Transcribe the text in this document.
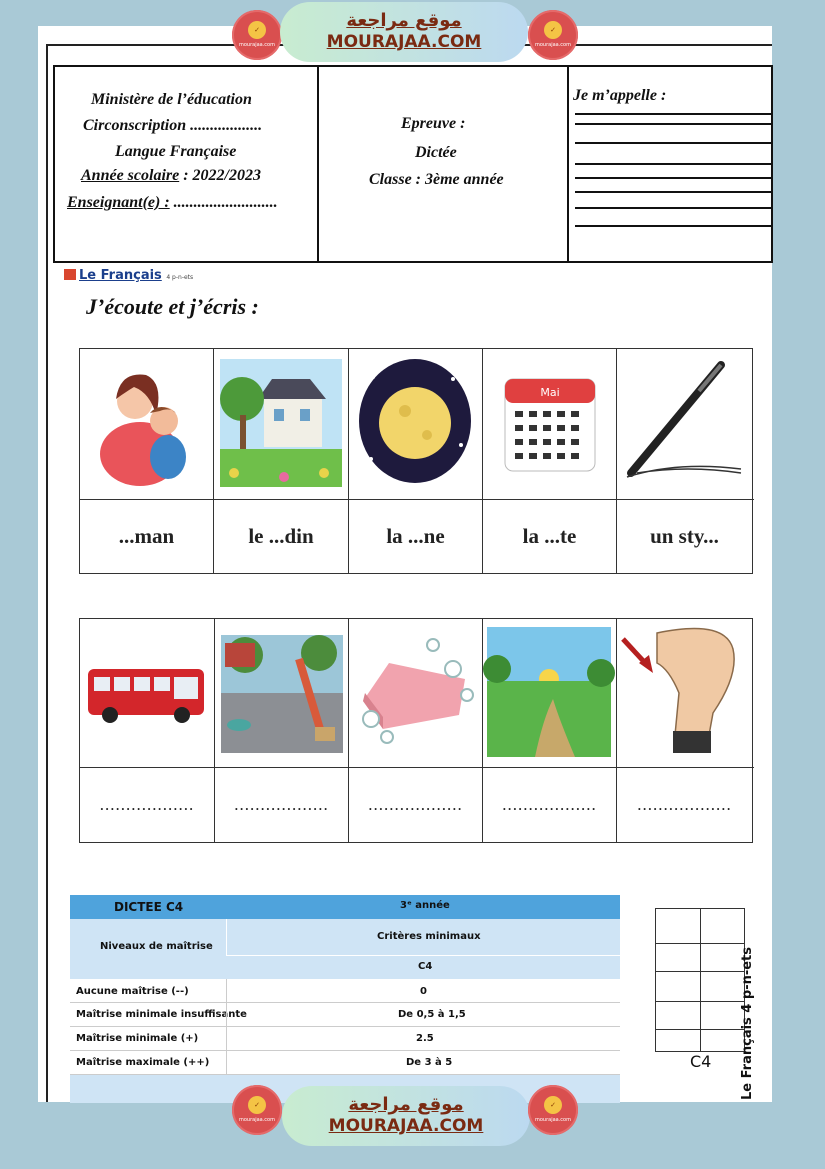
✓
mourajaa.com
موقع مراجعة
MOURAJAA.COM
✓
mourajaa.com
Ministère de l’éducation
Circonscription ..................
Langue Française
Année scolaire : 2022/2023
Enseignant(e) : ..........................
Epreuve :
Dictée
Classe : 3ème année
Je m’appelle :
Le Français 4 p-n-ets
J’écoute et j’écris :
Mai
...man	le ...din	la ...ne	la ...te	un sty...
..................	..................	..................	..................	..................
DICTEE C4	3ᵉ année
Niveaux de maîtrise
Critères minimaux
C4
Aucune maîtrise (--)	0
Maîtrise minimale insuffisante	De 0,5 à 1,5
Maîtrise minimale (+)	2.5
Maîtrise maximale (++)	De 3 à 5	C4 Le Français 4 p-n-ets
✓
mourajaa.com
موقع مراجعة
MOURAJAA.COM
✓
mourajaa.com
